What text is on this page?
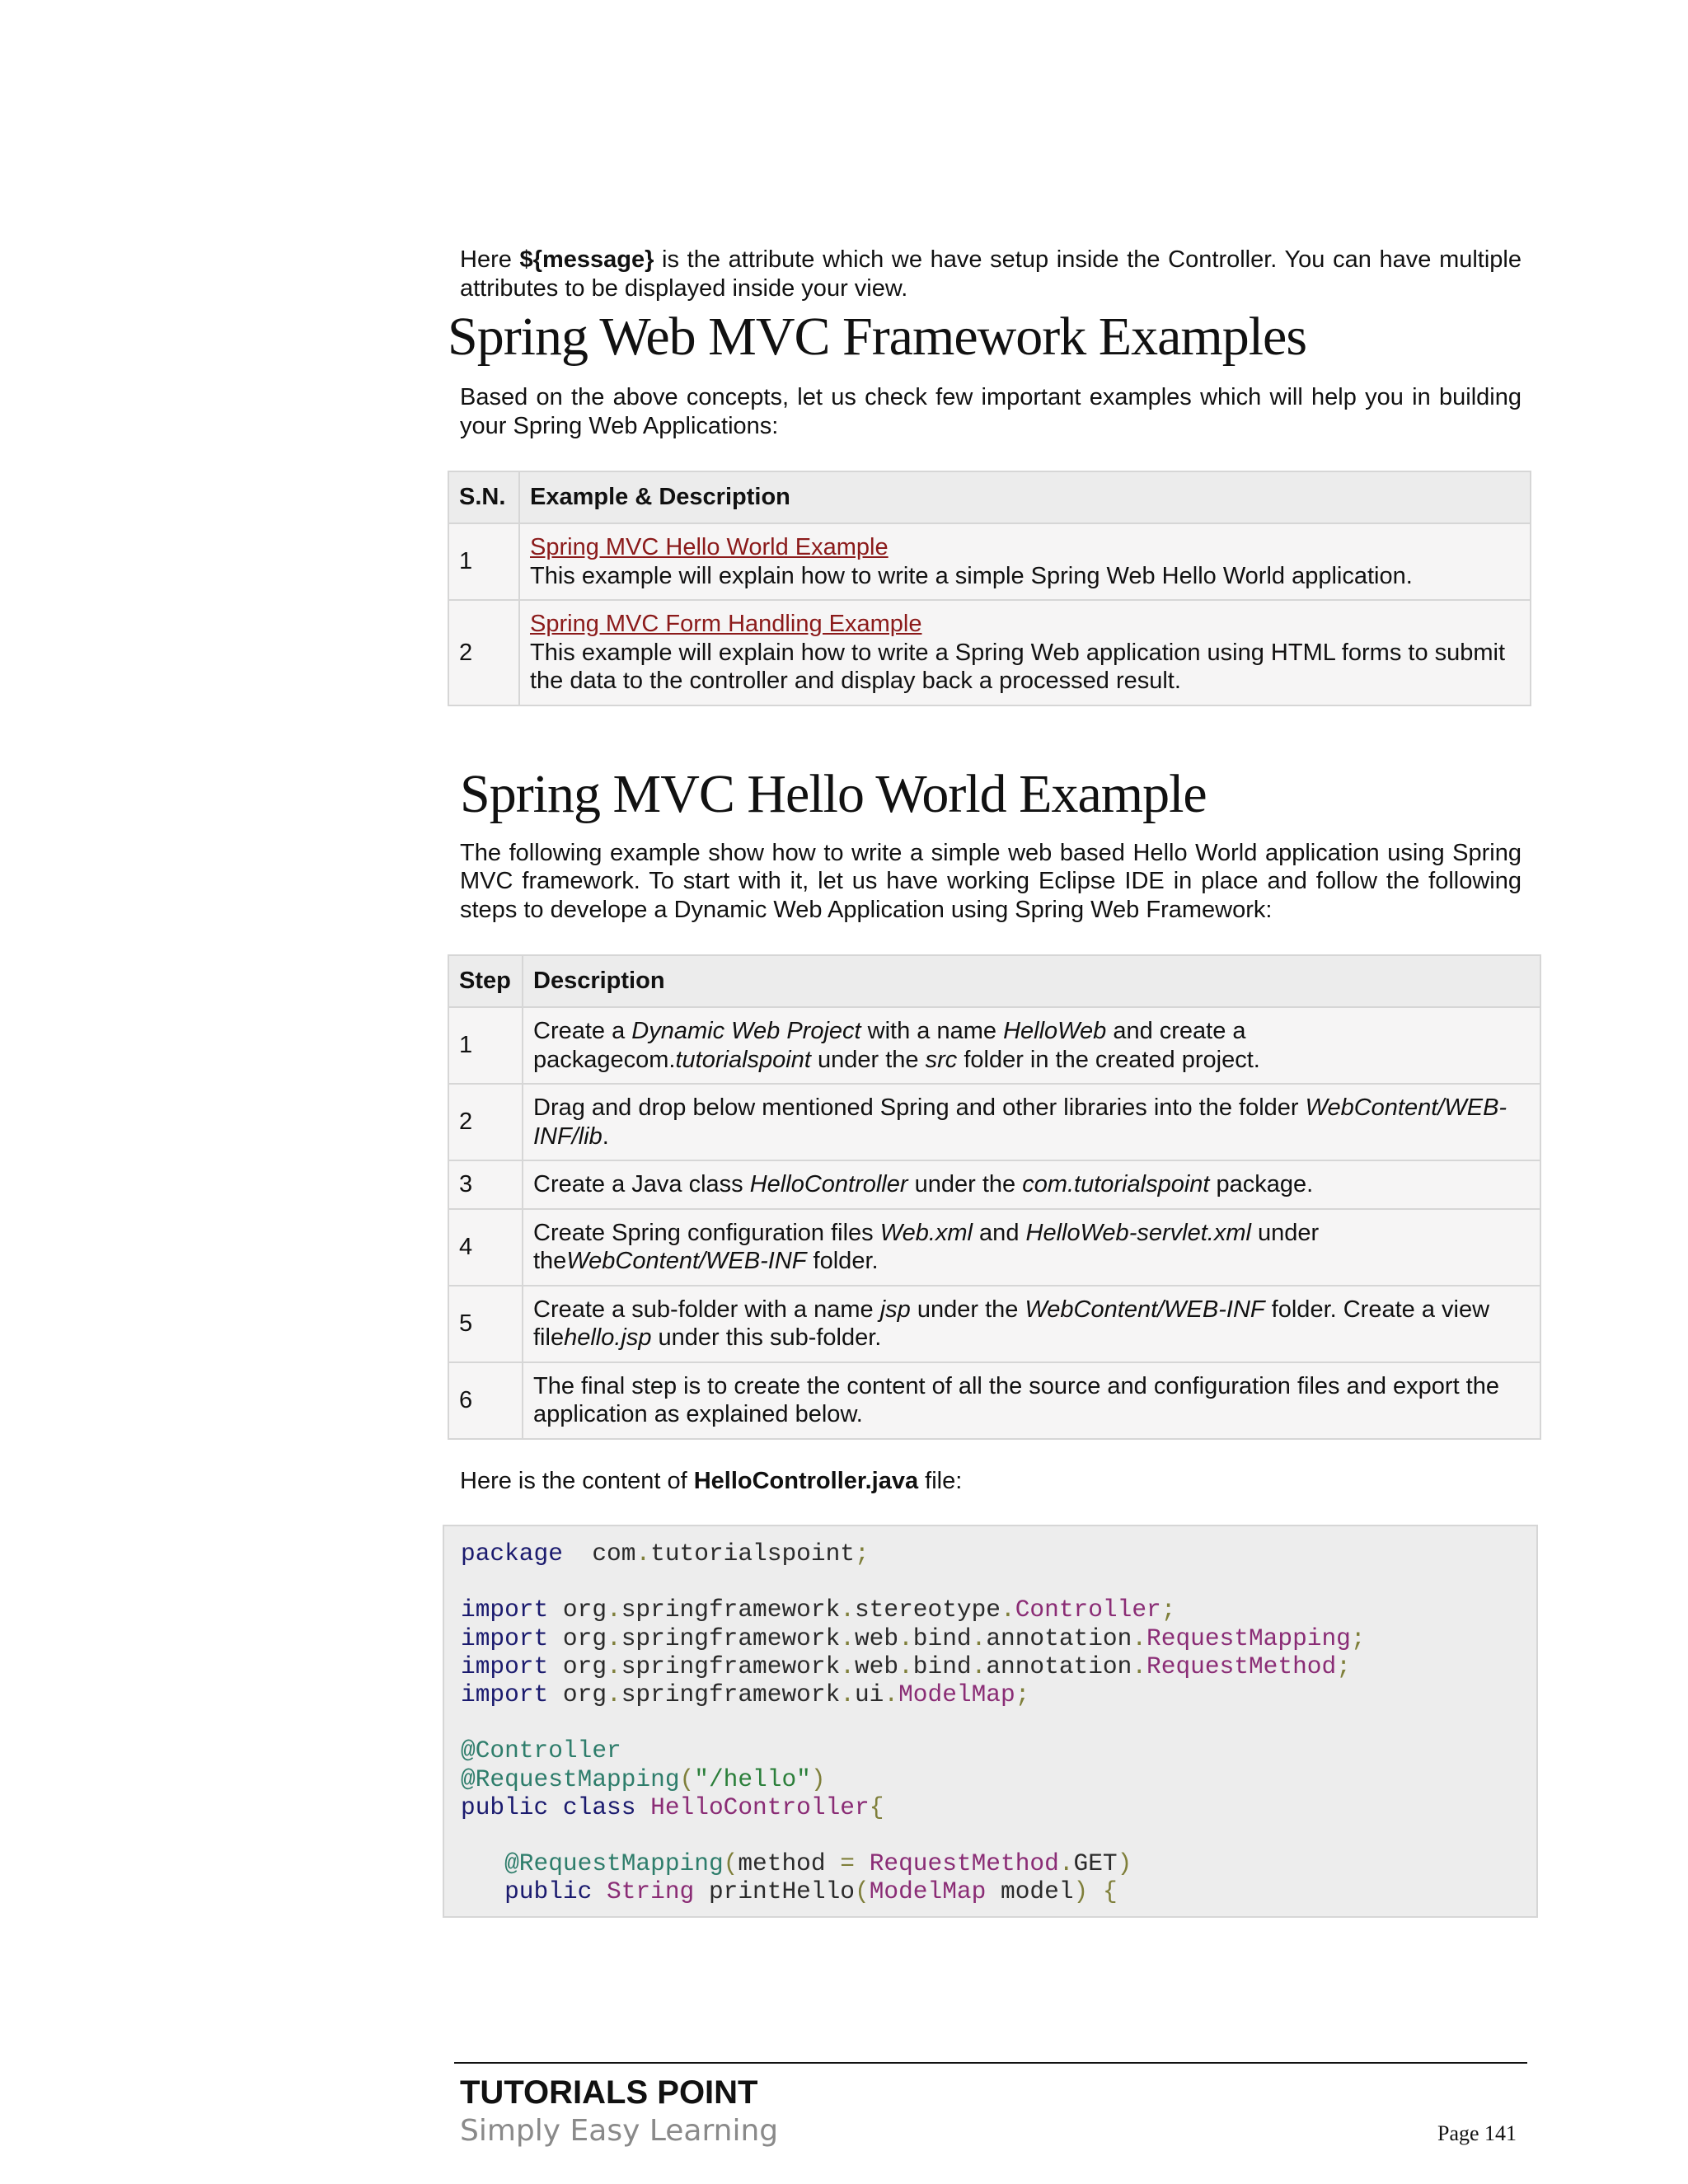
Here ${message} is the attribute which we have setup inside the Controller. You can have multiple attributes to be displayed inside your view.

Spring Web MVC Framework Examples

Based on the above concepts, let us check few important examples which will help you in building your Spring Web Applications:

S.N.	Example & Description
1	Spring MVC Hello World Example
This example will explain how to write a simple Spring Web Hello World application.
2	Spring MVC Form Handling Example
This example will explain how to write a Spring Web application using HTML forms to submit the data to the controller and display back a processed result.
Spring MVC Hello World Example

The following example show how to write a simple web based Hello World application using Spring MVC framework. To start with it, let us have working Eclipse IDE in place and follow the following steps to develope a Dynamic Web Application using Spring Web Framework:

Step	Description
1	Create a Dynamic Web Project with a name HelloWeb and create a packagecom.tutorialspoint under the src folder in the created project.
2	Drag and drop below mentioned Spring and other libraries into the folder WebContent/WEB-INF/lib.
3	Create a Java class HelloController under the com.tutorialspoint package.
4	Create Spring configuration files Web.xml and HelloWeb-servlet.xml under theWebContent/WEB-INF folder.
5	Create a sub-folder with a name jsp under the WebContent/WEB-INF folder. Create a view filehello.jsp under this sub-folder.
6	The final step is to create the content of all the source and configuration files and export the application as explained below.

Here is the content of HelloController.java file:

package  com.tutorialspoint;
import org.springframework.stereotype.Controller;
import org.springframework.web.bind.annotation.RequestMapping;
import org.springframework.web.bind.annotation.RequestMethod;
import org.springframework.ui.ModelMap;
@Controller
@RequestMapping("/hello")
public class HelloController{
@RequestMapping(method = RequestMethod.GET)
public String printHello(ModelMap model) {
TUTORIALS POINT
Simply Easy Learning	Page 141
